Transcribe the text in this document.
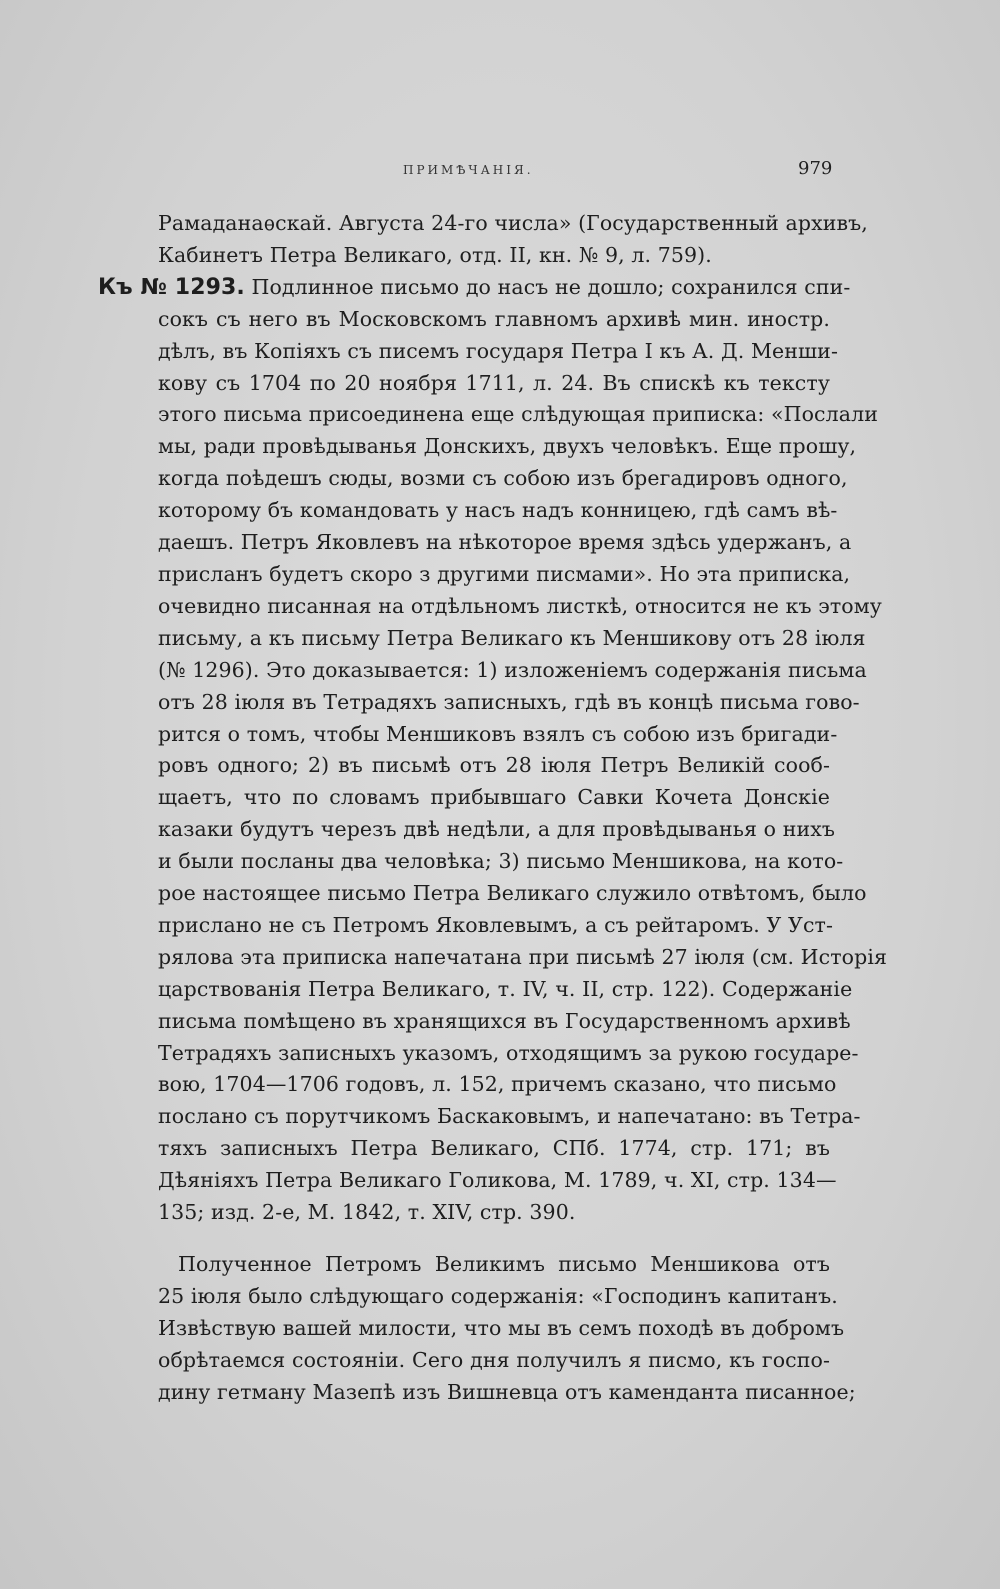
ПРИМѢЧАНІЯ.	979
Рамаданаѳскай. Августа 24-го числа» (Государственный архивъ,
Кабинетъ Петра Великаго, отд. II, кн. № 9, л. 759).
Къ № 1293. Подлинное письмо до насъ не дошло; сохранился спи-
сокъ съ него въ Московскомъ главномъ архивѣ мин. иностр.
дѣлъ, въ Копіяхъ съ писемъ государя Петра I къ А. Д. Менши-
кову съ 1704 по 20 ноября 1711, л. 24. Въ спискѣ къ тексту
этого письма присоединена еще слѣдующая приписка: «Послали
мы, ради провѣдыванья Донскихъ, двухъ человѣкъ. Еще прошу,
когда поѣдешъ сюды, возми съ собою изъ брегадировъ одного,
которому бъ командовать у насъ надъ конницею, гдѣ самъ вѣ-
даешъ. Петръ Яковлевъ на нѣкоторое время здѣсь удержанъ, а
присланъ будетъ скоро з другими писмами». Но эта приписка,
очевидно писанная на отдѣльномъ листкѣ, относится не къ этому
письму, а къ письму Петра Великаго къ Меншикову отъ 28 іюля
(№ 1296). Это доказывается: 1) изложеніемъ содержанія письма
отъ 28 іюля въ Тетрадяхъ записныхъ, гдѣ въ концѣ письма гово-
рится о томъ, чтобы Меншиковъ взялъ съ собою изъ бригади-
ровъ одного; 2) въ письмѣ отъ 28 іюля Петръ Великій сооб-
щаетъ, что по словамъ прибывшаго Савки Кочета Донскіе
казаки будутъ черезъ двѣ недѣли, а для провѣдыванья о нихъ
и были посланы два человѣка; 3) письмо Меншикова, на кото-
рое настоящее письмо Петра Великаго служило отвѣтомъ, было
прислано не съ Петромъ Яковлевымъ, а съ рейтаромъ. У Уст-
рялова эта приписка напечатана при письмѣ 27 іюля (см. Исторія
царствованія Петра Великаго, т. IV, ч. II, стр. 122). Содержаніе
письма помѣщено въ хранящихся въ Государственномъ архивѣ
Тетрадяхъ записныхъ указомъ, отходящимъ за рукою государе-
вою, 1704—1706 годовъ, л. 152, причемъ сказано, что письмо
послано съ порутчикомъ Баскаковымъ, и напечатано: въ Тетра-
тяхъ записныхъ Петра Великаго, СПб. 1774, стр. 171; въ
Дѣяніяхъ Петра Великаго Голикова, М. 1789, ч. XI, стр. 134—
135; изд. 2-е, М. 1842, т. XIV, стр. 390.
Полученное Петромъ Великимъ письмо Меншикова отъ
25 іюля было слѣдующаго содержанія: «Господинъ капитанъ.
Извѣствую вашей милости, что мы въ семъ походѣ въ добромъ
обрѣтаемся состояніи. Сего дня получилъ я писмо, къ госпо-
дину гетману Мазепѣ изъ Вишневца отъ камендантa писанное;
